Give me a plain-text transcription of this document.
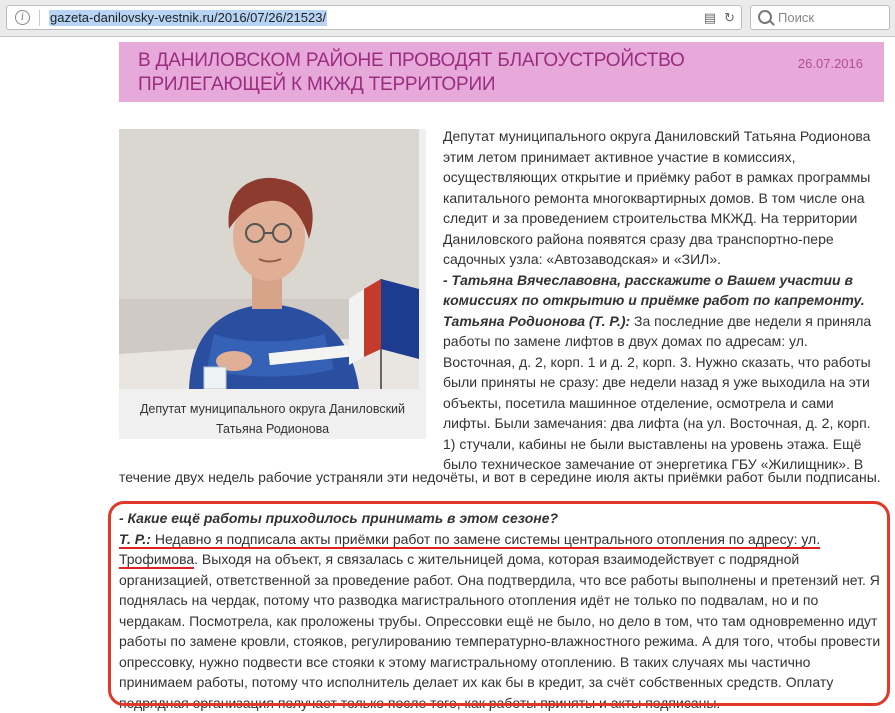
i	gazeta-danilovsky-vestnik.ru/2016/07/26/21523/	▤ ↻	Поиск
В ДАНИЛОВСКОМ РАЙОНЕ ПРОВОДЯТ БЛАГОУСТРОЙСТВО ПРИЛЕГАЮЩЕЙ К МКЖД ТЕРРИТОРИИ
26.07.2016
Депутат муниципального округа Даниловский Татьяна Родионова

Депутат муниципального округа Даниловский Татьяна Родионова этим летом принимает активное участие в комиссиях, осуществляющих открытие и приёмку работ в рамках программы капитального ремонта многоквартирных домов. В том числе она следит и за проведением строительства МКЖД. На территории Даниловского района появятся сразу два транспортно-пере садочных узла: «Автозаводская» и «ЗИЛ».

- Татьяна Вячеславовна, расскажите о Вашем участии в комиссиях по открытию и приёмке работ по капремонту.

Татьяна Родионова (Т. Р.): За последние две недели я приняла работы по замене лифтов в двух домах по адресам: ул. Восточная, д. 2, корп. 1 и д. 2, корп. 3. Нужно сказать, что работы были приняты не сразу: две недели назад я уже выходила на эти объекты, посетила машинное отделение, осмотрела и сами лифты. Были замечания: два лифта (на ул. Восточная, д. 2, корп. 1) стучали, кабины не были выставлены на уровень этажа. Ещё было техническое замечание от энергетика ГБУ «Жилищник». В

течение двух недель рабочие устраняли эти недочёты, и вот в середине июля акты приёмки работ были подписаны.

- Какие ещё работы приходилось принимать в этом сезоне?

Т. Р.: Недавно я подписала акты приёмки работ по замене системы центрального отопления по адресу: ул. Трофимова. Выходя на объект, я связалась с жительницей дома, которая взаимодействует с подрядной организацией, ответственной за проведение работ. Она подтвердила, что все работы выполнены и претензий нет. Я поднялась на чердак, потому что разводка магистрального отопления идёт не только по подвалам, но и по чердакам. Посмотрела, как проложены трубы. Опрессовки ещё не было, но дело в том, что там одновременно идут работы по замене кровли, стояков, регулированию температурно-влажностного режима. А для того, чтобы провести опрессовку, нужно подвести все стояки к этому магистральному отоплению. В таких случаях мы частично принимаем работы, потому что исполнитель делает их как бы в кредит, за счёт собственных средств. Оплату подрядная организация получает только после того, как работы приняты и акты подписаны.
